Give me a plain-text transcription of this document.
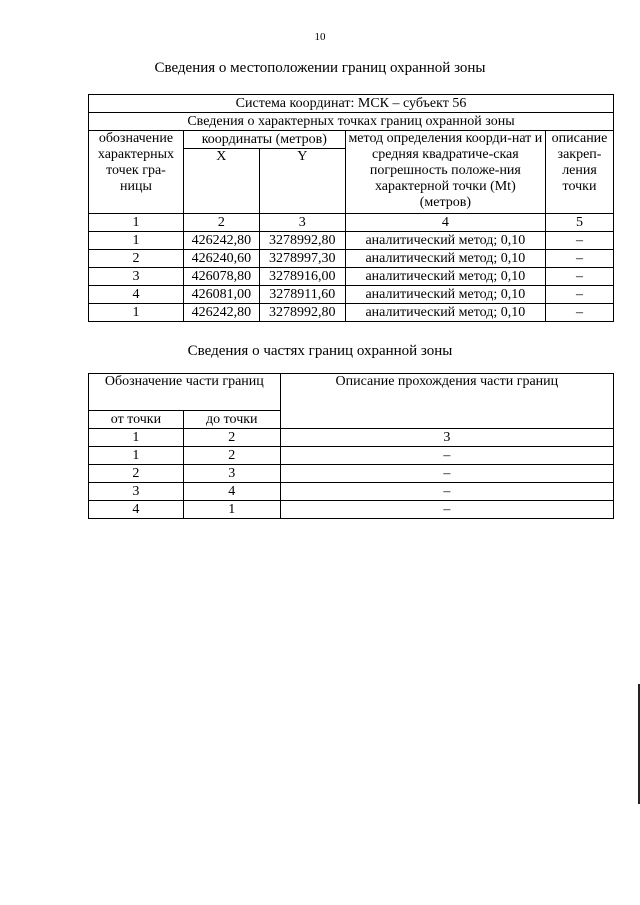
10
Сведения о местоположении границ охранной зоны
Система координат: МСК – субъект 56				
Сведения о характерных точках границ охранной зоны				
обозначение характерных точек гра-ницы	координаты (метров)		метод определения коорди-нат и средняя квадратиче-ская погрешность положе-ния характерной точки (Mt) (метров)	описание закреп-ления точки
	X	Y		
1	2	3	4	5
1	426242,80	3278992,80	аналитический метод; 0,10	–
2	426240,60	3278997,30	аналитический метод; 0,10	–
3	426078,80	3278916,00	аналитический метод; 0,10	–
4	426081,00	3278911,60	аналитический метод; 0,10	–
1	426242,80	3278992,80	аналитический метод; 0,10	–
Сведения о частях границ охранной зоны
Обозначение части границ		Описание прохождения части границ
от точки	до точки	
1	2	3
1	2	–
2	3	–
3	4	–
4	1	–
